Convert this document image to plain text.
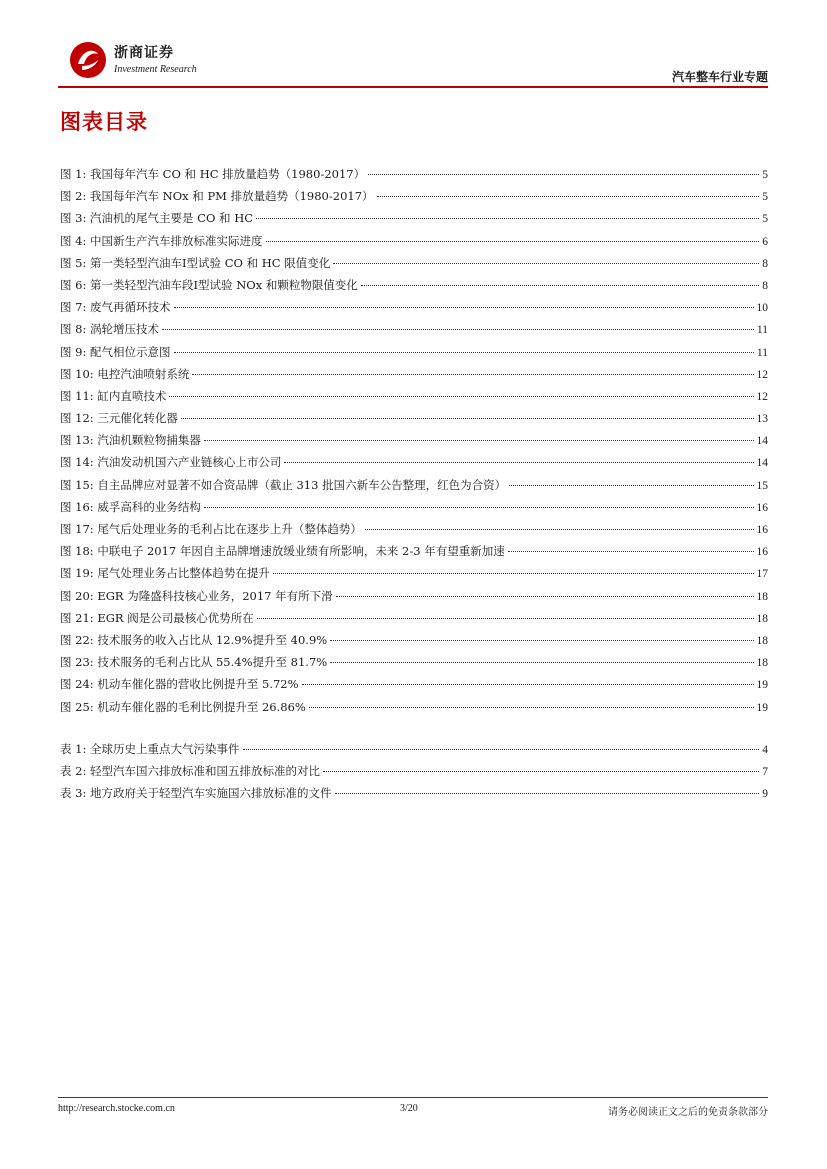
浙商证券
Investment Research
汽车整车行业专题
图表目录
图 1: 我国每年汽车 CO 和 HC 排放量趋势（1980-2017）	5
图 2: 我国每年汽车 NOx 和 PM 排放量趋势（1980-2017）	5
图 3: 汽油机的尾气主要是 CO 和 HC	5
图 4: 中国新生产汽车排放标准实际进度	6
图 5: 第一类轻型汽油车Ⅰ型试验 CO 和 HC 限值变化	8
图 6: 第一类轻型汽油车段Ⅰ型试验 NOx 和颗粒物限值变化	8
图 7: 废气再循环技术	10
图 8: 涡轮增压技术	11
图 9: 配气相位示意图	11
图 10: 电控汽油喷射系统	12
图 11: 缸内直喷技术	12
图 12: 三元催化转化器	13
图 13: 汽油机颗粒物捕集器	14
图 14: 汽油发动机国六产业链核心上市公司	14
图 15: 自主品牌应对显著不如合资品牌（截止 313 批国六新车公告整理，红色为合资）	15
图 16: 威孚高科的业务结构	16
图 17: 尾气后处理业务的毛利占比在逐步上升（整体趋势）	16
图 18: 中联电子 2017 年因自主品牌增速放缓业绩有所影响，未来 2-3 年有望重新加速	16
图 19: 尾气处理业务占比整体趋势在提升	17
图 20: EGR 为隆盛科技核心业务，2017 年有所下滑	18
图 21: EGR 阀是公司最核心优势所在	18
图 22: 技术服务的收入占比从 12.9%提升至 40.9%	18
图 23: 技术服务的毛利占比从 55.4%提升至 81.7%	18
图 24: 机动车催化器的营收比例提升至 5.72%	19
图 25: 机动车催化器的毛利比例提升至 26.86%	19
表 1: 全球历史上重点大气污染事件	4
表 2: 轻型汽车国六排放标准和国五排放标准的对比	7
表 3: 地方政府关于轻型汽车实施国六排放标准的文件	9
http://research.stocke.com.cn	3/20	请务必阅读正文之后的免责条款部分
